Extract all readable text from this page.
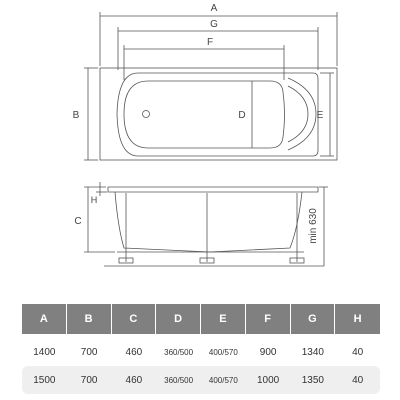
A
G
F
B	D	E
C
H
min 630
A	B	C	D	E	F	G	H
1400	700	460	360/500	400/570	900	1340	40
1500	700	460	360/500	400/570	1000	1350	40
